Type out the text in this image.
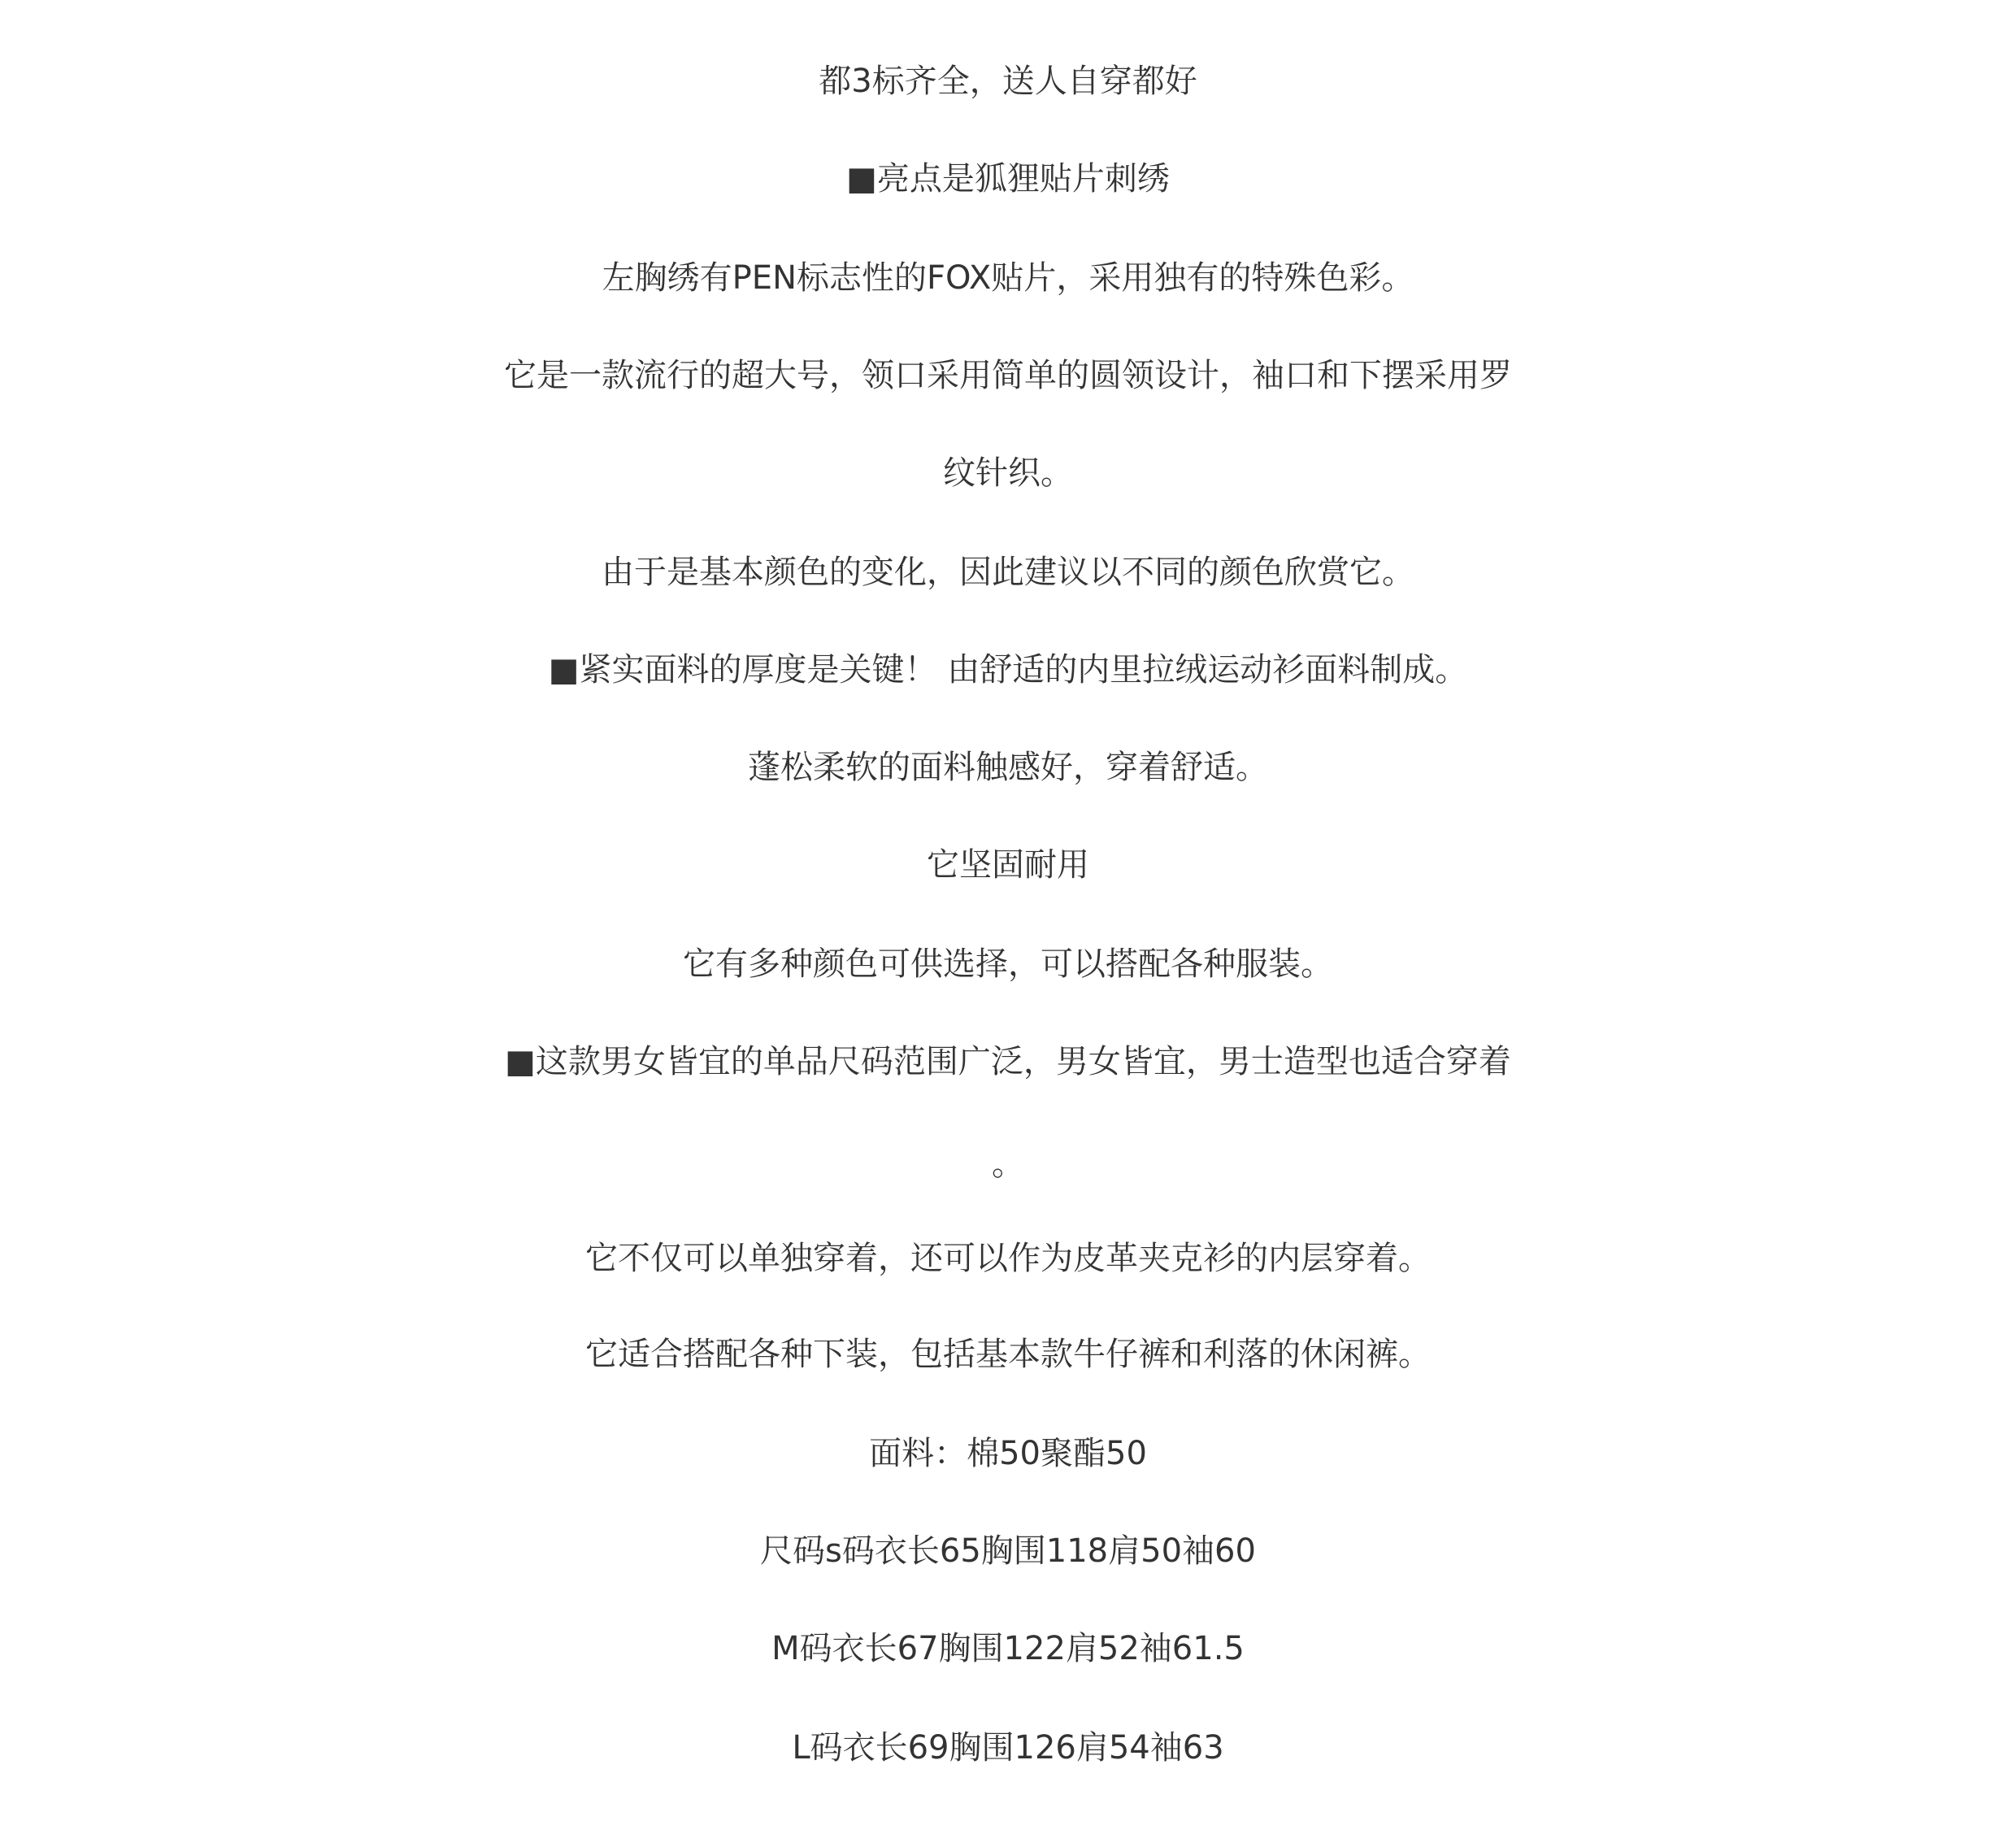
都3标齐全，送人自穿都好
■亮点是狐狸贴片刺绣
左胸绣有PEN标志性的FOX贴片，采用独有的特殊色彩。
它是一款流行的超大号，领口采用简单的圆领设计，袖口和下摆采用罗
纹针织。
由于是基本颜色的变化，因此建议以不同的颜色欣赏它。
■紧实面料的厚度是关键！ 由舒适的内里拉绒运动衫面料制成。
蓬松柔软的面料触感好，穿着舒适。
它坚固耐用
它有多种颜色可供选择，可以搭配各种服装。
■这款男女皆宜的单品尺码范围广泛，男女皆宜，男士造型也适合穿着
。
它不仅可以单独穿着，还可以作为皮革夹克衫的内层穿着。
它适合搭配各种下装，包括基本款牛仔裤和利落的休闲裤。
面料：棉50聚酯50
尺码s码衣长65胸围118肩50袖60
M码衣长67胸围122肩52袖61.5
L码衣长69胸围126肩54袖63
